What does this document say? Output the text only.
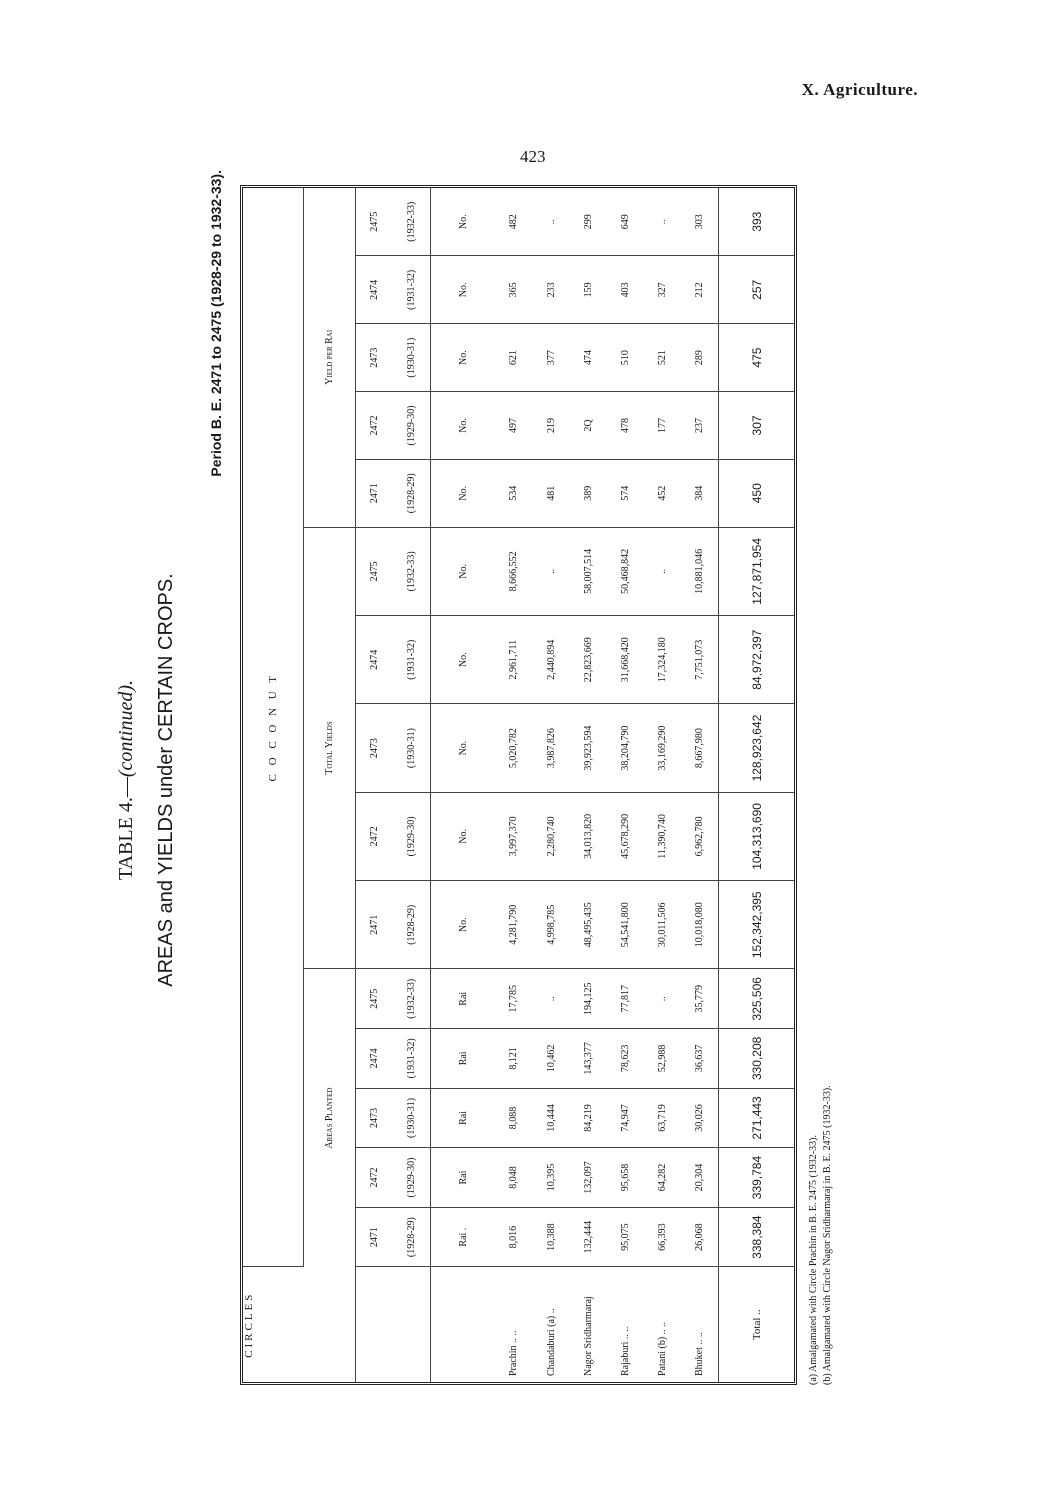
X. Agriculture.
423
TABLE 4.—(continued). AREAS and YIELDS under CERTAIN CROPS.
Period B. E. 2471 to 2475 (1928-29 to 1932-33).
CIRCLES	C O C O N U T														
	Areas Planted					Total Yields					Yield per Rai				
	2471	2472	2473	2474	2475	2471	2472	2473	2474	2475	2471	2472	2473	2474	2475
	(1928-29)	(1929-30)	(1930-31)	(1931-32)	(1932-33)	(1928-29)	(1929-30)	(1930-31)	(1931-32)	(1932-33)	(1928-29)	(1929-30)	(1930-31)	(1931-32)	(1932-33)
	Rai .	Rai	Rai	Rai	Rai	No.	No.	No.	No.	No.	No.	No.	No.	No.	No.
Prachin .. ..	8,016	8,048	8,088	8,121	17,785	4,281,790	3,997,370	5,020,782	2,961,711	8,666,552	534	497	621	365	482
Chandaburi (a) ..	10,388	10,395	10,444	10,462	..	4,998,785	2,280,740	3,987,826	2,440,894	..	481	219	377	233	..
Nagor Sridharmaraj	132,444	132,097	84,219	143,377	194,125	48,495,435	34,013,820	39,923,594	22,823,669	58,007,514	389	2Q	474	159	299
Rajaburi .. ..	95,075	95,658	74,947	78,623	77,817	54,541,800	45,678,290	38,204,790	31,668,420	50,468,842	574	478	510	403	649
Patani (b) .. ..	66,393	64,282	63,719	52,988	..	30,011,506	11,390,740	33,169,290	17,324,180	..	452	177	521	327	..
Bhuket .. ..	26,068	20,304	30,026	36,637	35,779	10,018,080	6,962,780	8,667,980	7,751,073	10,881,046	384	237	289	212	303
Total ..	338,384	339,784	271,443	330,208	325,506	152,342,395	104,313,690	128,923,642	84,972,397	127,871,954	450	307	475	257	393
(a) Amalgamated with Circle Prachin in B. E. 2475 (1932-33). (b) Amalgamated with Circle Nagor Sridharmaraj in B. E. 2475 (1932-33).
